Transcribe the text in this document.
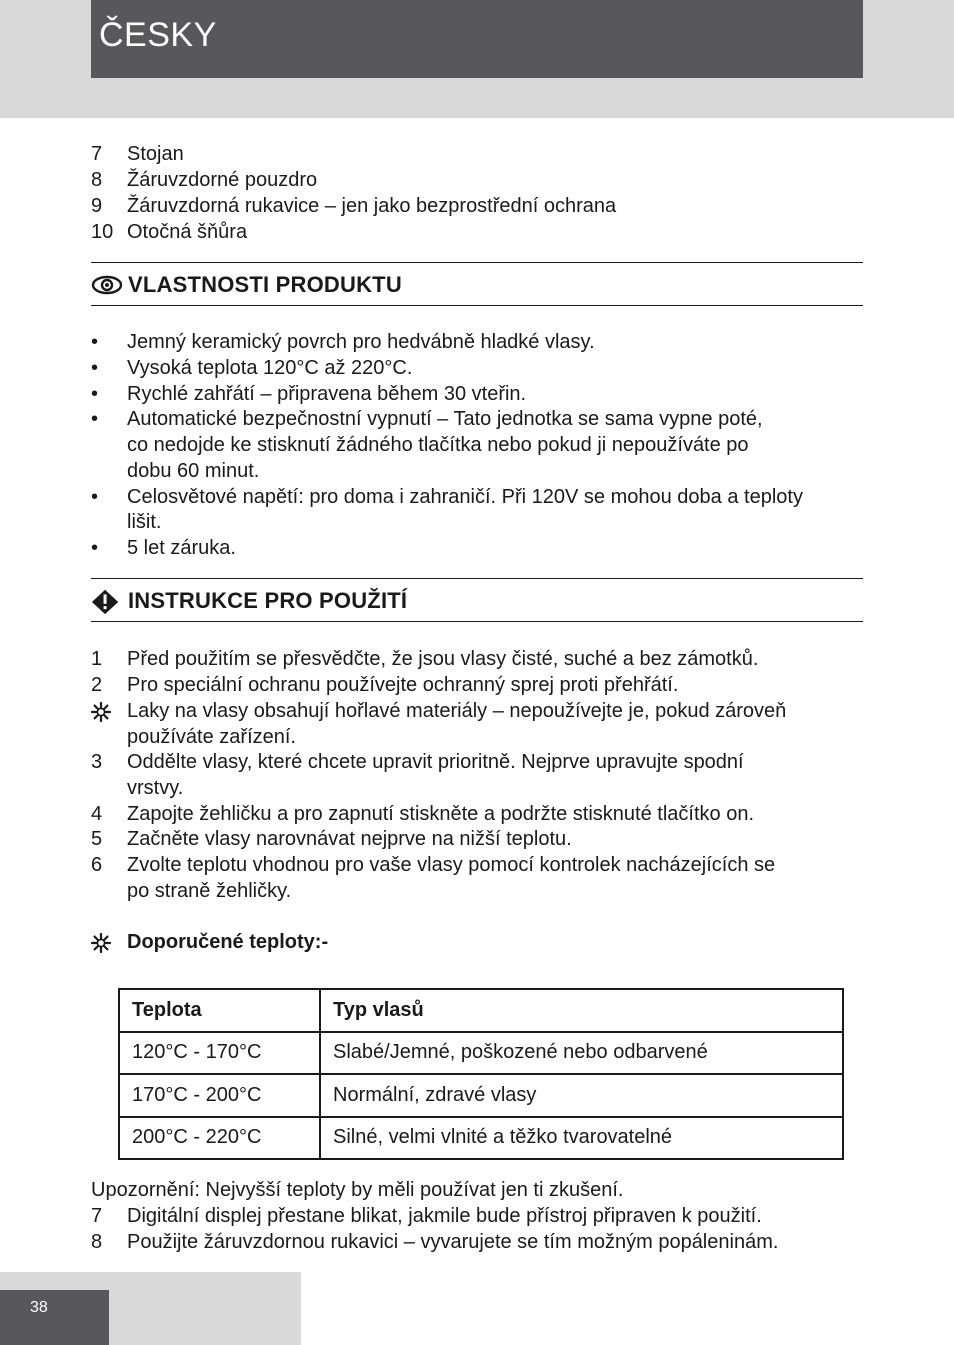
ČESKY
7	Stojan
8	Žáruvzdorné pouzdro
9	Žáruvzdorná rukavice – jen jako bezprostřední ochrana
10 Otočná šňůra
VLASTNOSTI PRODUKTU
•	Jemný keramický povrch pro hedvábně hladké vlasy.
•	Vysoká teplota 120°C až 220°C.
•	Rychlé zahřátí – připravena během 30 vteřin.
•	Automatické bezpečnostní vypnutí – Tato jednotka se sama vypne poté,
co nedojde ke stisknutí žádného tlačítka nebo pokud ji nepoužíváte po
dobu 60 minut.
•	Celosvětové napětí: pro doma i zahraničí. Při 120V se mohou doba a teploty
lišit.
•	5 let záruka.
INSTRUKCE PRO POUŽITÍ
1	Před použitím se přesvědčte, že jsou vlasy čisté, suché a bez zámotků.
2	Pro speciální ochranu používejte ochranný sprej proti přehřátí.
Laky na vlasy obsahují hořlavé materiály – nepoužívejte je, pokud zároveň
používáte zařízení.
3	Oddělte vlasy, které chcete upravit prioritně. Nejprve upravujte spodní
vrstvy.
4	Zapojte žehličku a pro zapnutí stiskněte a podržte stisknuté tlačítko on.
5	Začněte vlasy narovnávat nejprve na nižší teplotu.
6	Zvolte teplotu vhodnou pro vaše vlasy pomocí kontrolek nacházejících se
po straně žehličky.
Doporučené teploty:-
Teplota	Typ vlasů
120°C - 170°C	Slabé/Jemné, poškozené nebo odbarvené
170°C - 200°C	Normální, zdravé vlasy
200°C - 220°C	Silné, velmi vlnité a těžko tvarovatelné
Upozornění: Nejvyšší teploty by měli používat jen ti zkušení.
7	Digitální displej přestane blikat, jakmile bude přístroj připraven k použití.
8	Použijte žáruvzdornou rukavici – vyvarujete se tím možným popáleninám.
38
